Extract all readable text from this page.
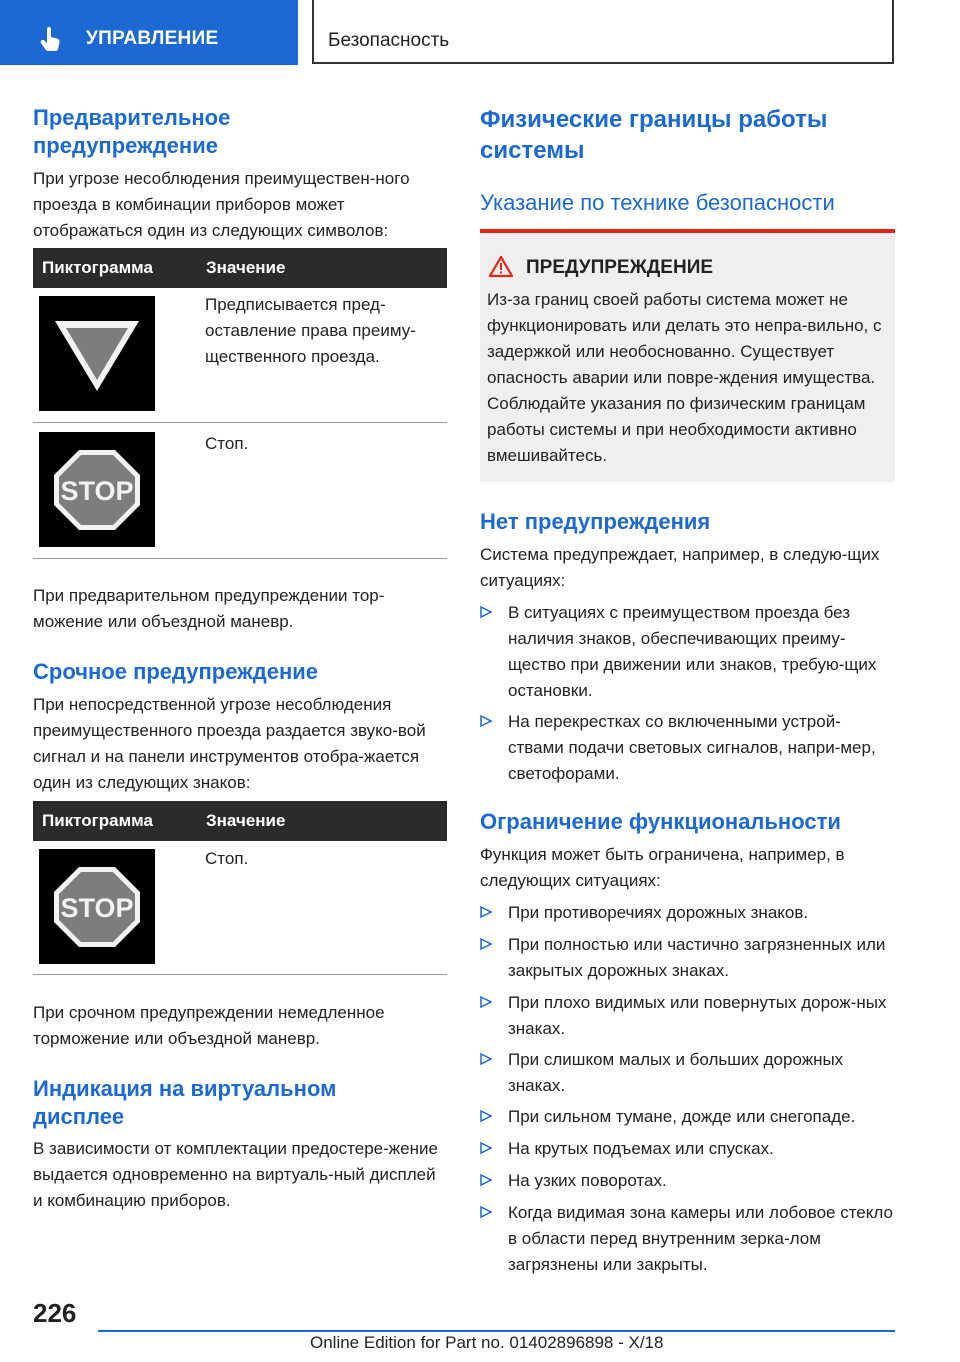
УПРАВЛЕНИЕ	Безопасность
Предварительное предупреждение

При угрозе несоблюдения преимуществен-ного проезда в комбинации приборов может отображаться один из следующих символов:

Пиктограмма	Значение
Предписывается пред-оставление права преиму-щественного проезда.
STOP
Стоп.

При предварительном предупреждении тор-можение или объездной маневр.

Срочное предупреждение

При непосредственной угрозе несоблюдения преимущественного проезда раздается звуко-вой сигнал и на панели инструментов отобра-жается один из следующих знаков:

Пиктограмма	Значение
STOP
Стоп.

При срочном предупреждении немедленное торможение или объездной маневр.

Индикация на виртуальном дисплее

В зависимости от комплектации предостере-жение выдается одновременно на виртуаль-ный дисплей и комбинацию приборов.

Физические границы работы системы
Указание по технике безопасности
ПРЕДУПРЕЖДЕНИЕ
Из-за границ своей работы система может не функционировать или делать это непра-вильно, с задержкой или необоснованно. Существует опасность аварии или повре-ждения имущества. Соблюдайте указания по физическим границам работы системы и при необходимости активно вмешивайтесь.
Нет предупреждения

Система предупреждает, например, в следую-щих ситуациях:

В ситуациях с преимуществом проезда без наличия знаков, обеспечивающих преиму-щество при движении или знаков, требую-щих остановки.
На перекрестках со включенными устрой-ствами подачи световых сигналов, напри-мер, светофорами.
Ограничение функциональности

Функция может быть ограничена, например, в следующих ситуациях:

При противоречиях дорожных знаков.
При полностью или частично загрязненных или закрытых дорожных знаках.
При плохо видимых или повернутых дорож-ных знаках.
При слишком малых и больших дорожных знаках.
При сильном тумане, дожде или снегопаде.
На крутых подъемах или спусках.
На узких поворотах.
Когда видимая зона камеры или лобовое стекло в области перед внутренним зерка-лом загрязнены или закрыты.
226
Online Edition for Part no. 01402896898 - X/18
